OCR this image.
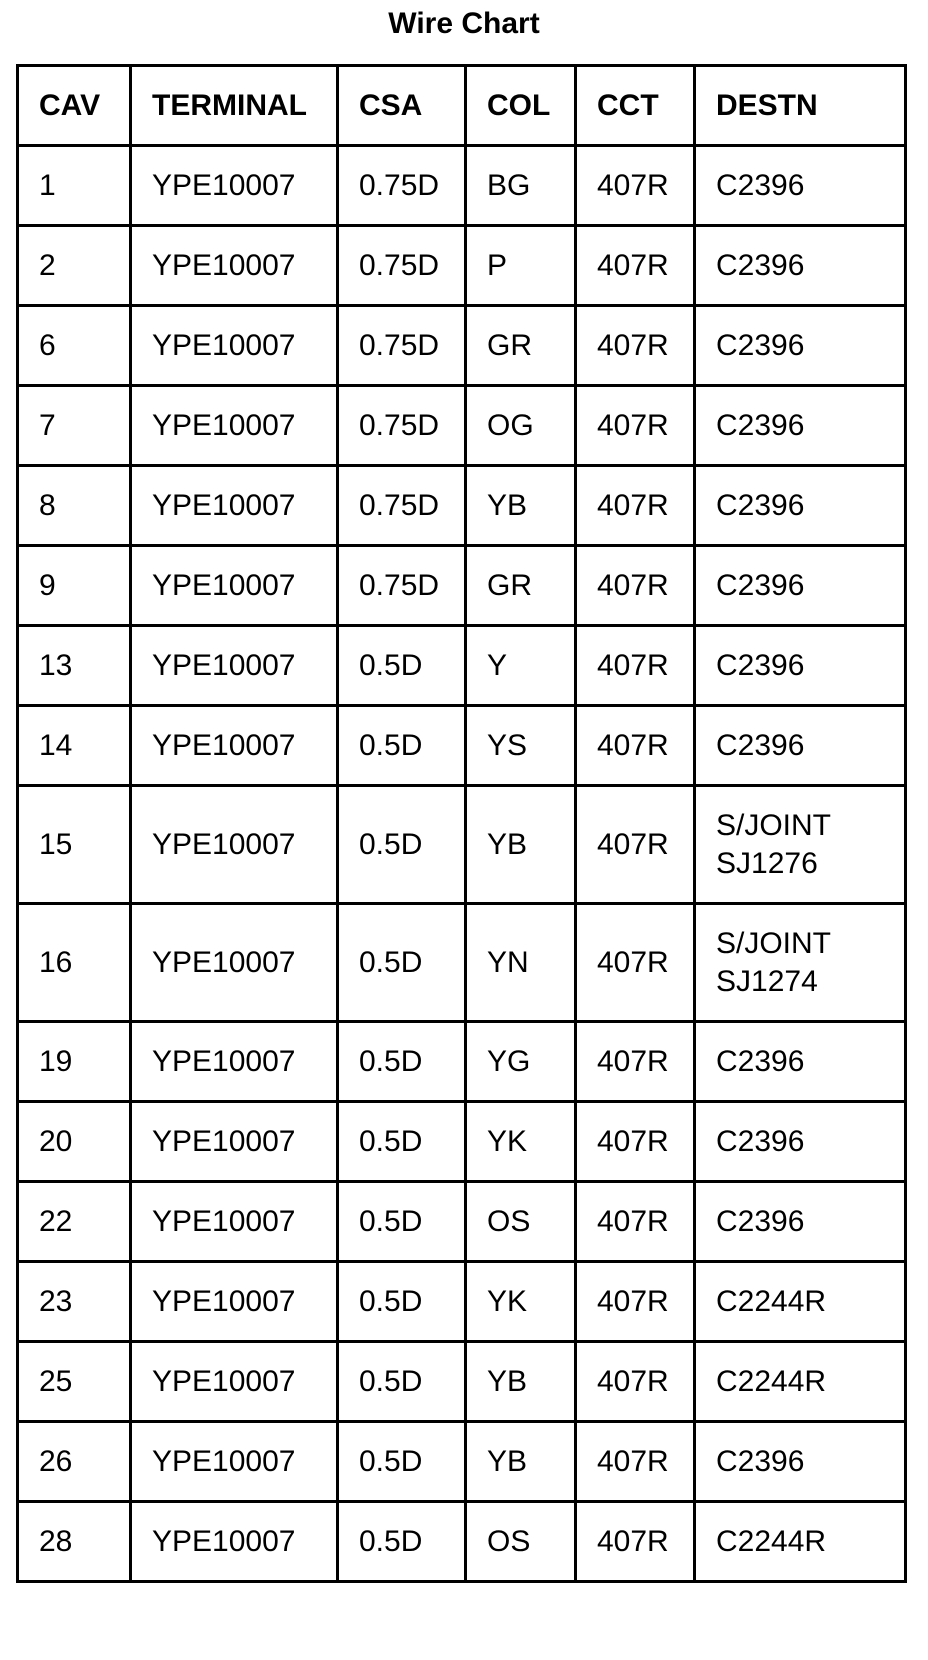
Wire Chart
CAV	TERMINAL	CSA	COL	CCT	DESTN
1	YPE10007	0.75D	BG	407R	C2396

2	YPE10007	0.75D	P	407R	C2396

6	YPE10007	0.75D	GR	407R	C2396

7	YPE10007	0.75D	OG	407R	C2396

8	YPE10007	0.75D	YB	407R	C2396

9	YPE10007	0.75D	GR	407R	C2396

13	YPE10007	0.5D	Y	407R	C2396

14	YPE10007	0.5D	YS	407R	C2396

15	YPE10007	0.5D	YB	407R	S/JOINT
SJ1276

16	YPE10007	0.5D	YN	407R	S/JOINT
SJ1274

19	YPE10007	0.5D	YG	407R	C2396

20	YPE10007	0.5D	YK	407R	C2396

22	YPE10007	0.5D	OS	407R	C2396

23	YPE10007	0.5D	YK	407R	C2244R

25	YPE10007	0.5D	YB	407R	C2244R

26	YPE10007	0.5D	YB	407R	C2396

28	YPE10007	0.5D	OS	407R	C2244R
